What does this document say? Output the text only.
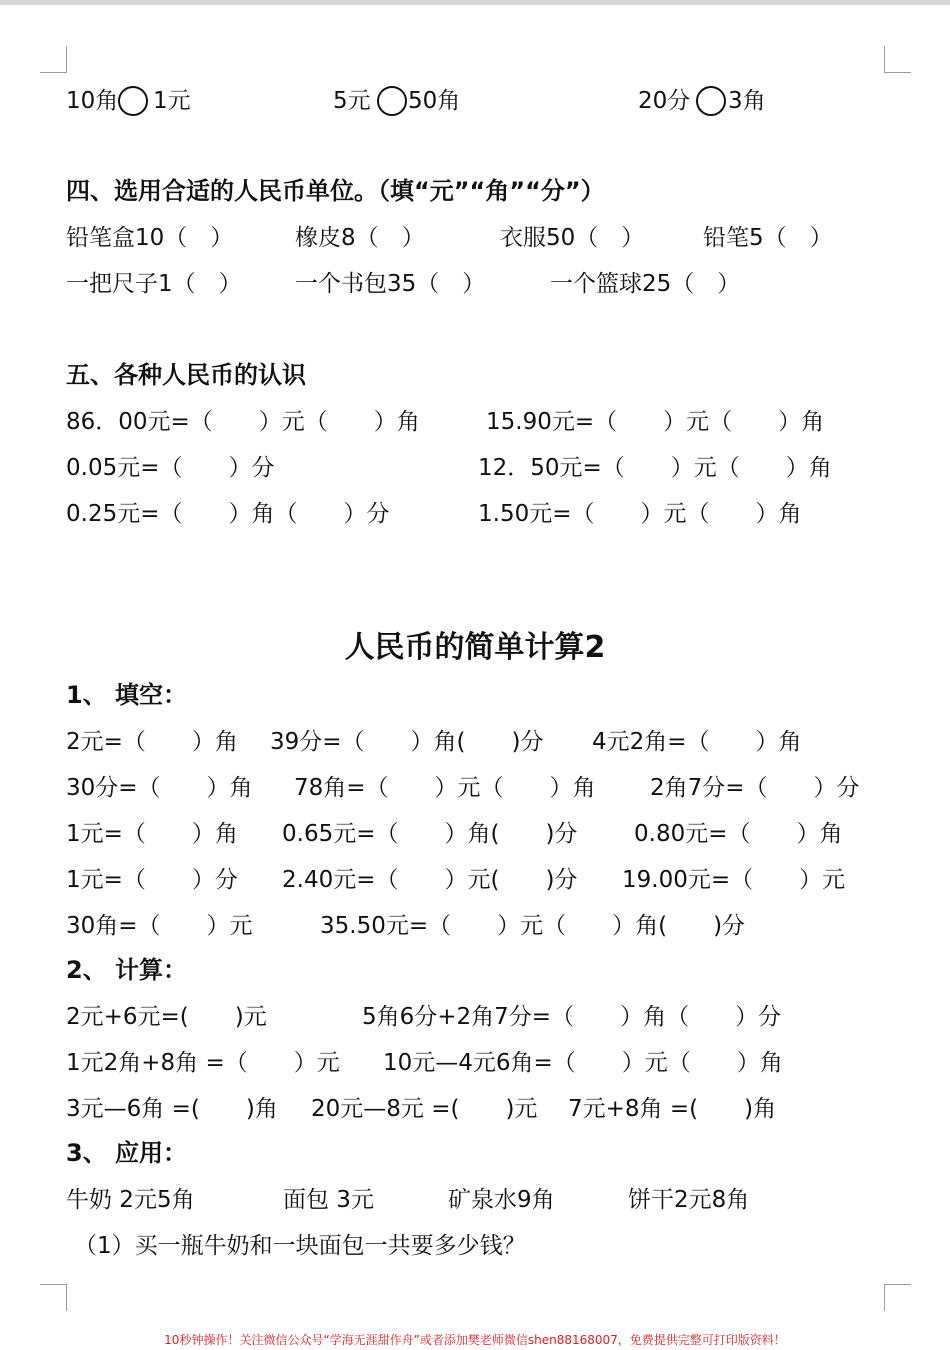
10角 1元	5元 50角	20分 3角
四、选用合适的人民币单位。（填“元”“角”“分”）
铅笔盒10（　）	橡皮8（　）	衣服50（　）	铅笔5（　）
一把尺子1（　） 一个书包35（　）	一个篮球25（　）
五、各种人民币的认识
86．00元=（　　）元（　　）角	15.90元=（　　）元（　　）角
0.05元=（　　）分	12．50元=（　　）元（　　）角
0.25元=（　　）角（　　）分	1.50元=（　　）元（　　）角
人民币的简单计算2
1、 填空：
2元=（　　）角 39分=（　　）角(　　)分 4元2角=（　　）角
30分=（　　）角 78角=（　　）元（　　）角 2角7分=（　　）分
1元=（　　）角 0.65元=（　　）角(　　)分 0.80元=（　　）角
1元=（　　）分 2.40元=（　　）元(　　)分 19.00元=（　　）元
30角=（　　）元	35.50元=（　　）元（　　）角(　　)分
2、 计算：
2元+6元=(　　)元	5角6分+2角7分=（　　）角（　　）分
1元2角+8角 =（　　）元 10元—4元6角=（　　）元（　　）角
3元—6角 =(　　)角 20元—8元 =(　　)元 7元+8角 =(　　)角
3、 应用：
牛奶 2元5角	面包 3元	矿泉水9角	饼干2元8角
（1）买一瓶牛奶和一块面包一共要多少钱？
10秒钟操作！关注微信公众号“学海无涯甜作舟”或者添加樊老师微信shen88168007，免费提供完整可打印版资料！
